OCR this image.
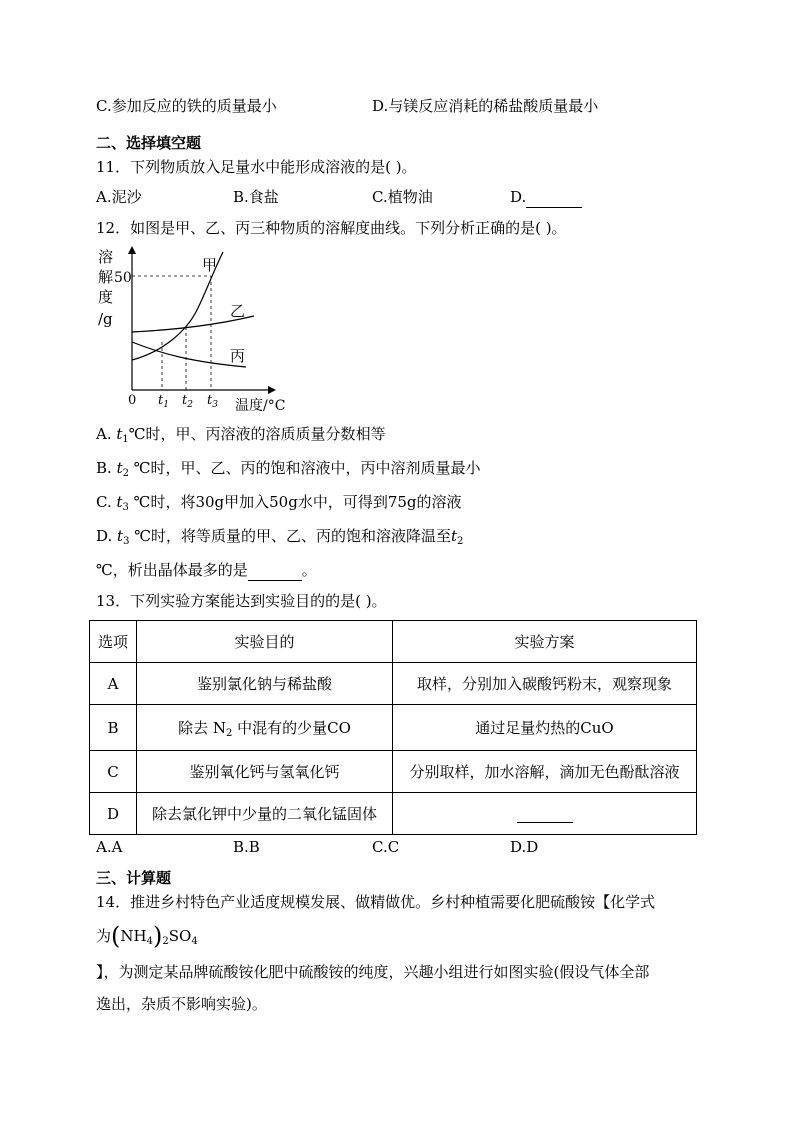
C.参加反应的铁的质量最小	D.与镁反应消耗的稀盐酸质量最小
二、选择填空题
11．下列物质放入足量水中能形成溶液的是( )。
A.泥沙	B.食盐	C.植物油	D.
12．如图是甲、乙、丙三种物质的溶解度曲线。下列分析正确的是( )。
溶
解 50
度
/g
甲
乙
丙
0 $t_1$ $t_2$ $t_3$ 温度/°C
A. $t_1℃$时，甲、丙溶液的溶质质量分数相等
B. $t_2$ ℃时，甲、乙、丙的饱和溶液中，丙中溶剂质量最小
C. $t_3$ ℃时，将30g甲加入50g水中，可得到75g的溶液
D. $t_3$ ℃时，将等质量的甲、乙、丙的饱和溶液降温至$t_2$
℃，析出晶体最多的是	。
13．下列实验方案能达到实验目的的是( )。
选项	实验目的	实验方案
A	鉴别氯化钠与稀盐酸	取样，分别加入碳酸钙粉末，观察现象
B	除去 $N_2$ 中混有的少量CO	通过足量灼热的CuO
C	鉴别氧化钙与氢氧化钙	分别取样，加水溶解，滴加无色酚酞溶液
D	除去氯化钾中少量的二氧化锰固体	
A.A	B.B	C.C	D.D
三、计算题
14．推进乡村特色产业适度规模发展、做精做优。乡村种植需要化肥硫酸铵【化学式
为$(NH_4)_2SO_4$
】，为测定某品牌硫酸铵化肥中硫酸铵的纯度，兴趣小组进行如图实验(假设气体全部
逸出，杂质不影响实验)。
